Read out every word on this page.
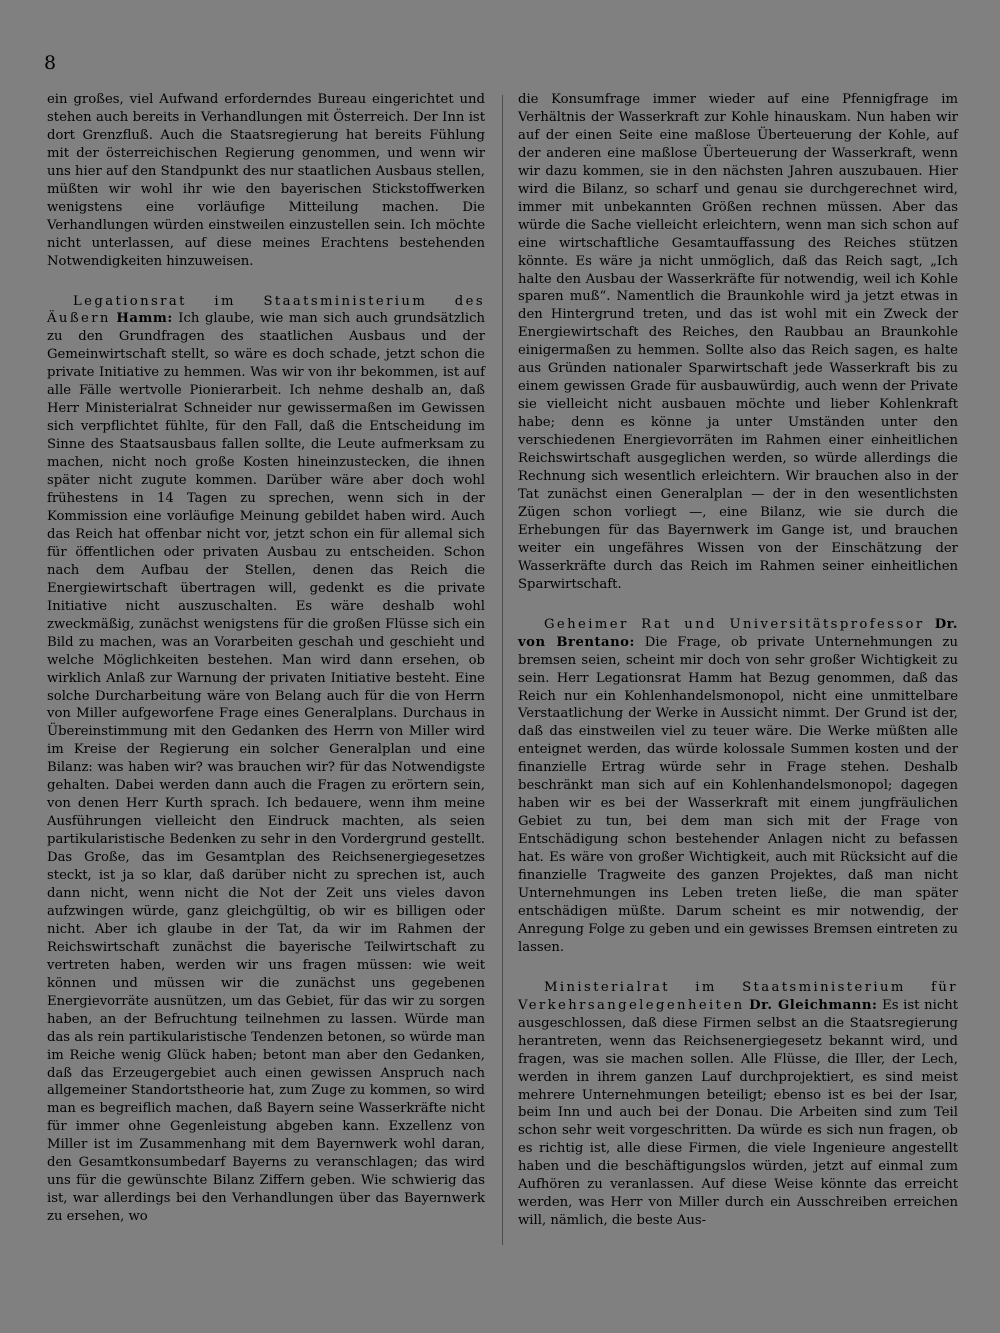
8

ein großes, viel Aufwand erforderndes Bureau eingerichtet und stehen auch bereits in Verhandlungen mit Österreich. Der Inn ist dort Grenzfluß. Auch die Staatsregierung hat bereits Fühlung mit der österreichischen Regierung genommen, und wenn wir uns hier auf den Standpunkt des nur staatlichen Ausbaus stellen, müßten wir wohl ihr wie den bayerischen Stickstoffwerken wenigstens eine vorläufige Mitteilung machen. Die Verhandlungen würden einstweilen einzustellen sein. Ich möchte nicht unterlassen, auf diese meines Erachtens bestehenden Notwendigkeiten hinzuweisen.

Legationsrat im Staatsministerium des Äußern Hamm: Ich glaube, wie man sich auch grundsätzlich zu den Grundfragen des staatlichen Ausbaus und der Gemeinwirtschaft stellt, so wäre es doch schade, jetzt schon die private Initiative zu hemmen. Was wir von ihr bekommen, ist auf alle Fälle wertvolle Pionierarbeit. Ich nehme deshalb an, daß Herr Ministerialrat Schneider nur gewissermaßen im Gewissen sich verpflichtet fühlte, für den Fall, daß die Entscheidung im Sinne des Staatsausbaus fallen sollte, die Leute aufmerksam zu machen, nicht noch große Kosten hineinzustecken, die ihnen später nicht zugute kommen. Darüber wäre aber doch wohl frühestens in 14 Tagen zu sprechen, wenn sich in der Kommission eine vorläufige Meinung gebildet haben wird. Auch das Reich hat offenbar nicht vor, jetzt schon ein für allemal sich für öffentlichen oder privaten Ausbau zu entscheiden. Schon nach dem Aufbau der Stellen, denen das Reich die Energiewirtschaft übertragen will, gedenkt es die private Initiative nicht auszuschalten. Es wäre deshalb wohl zweckmäßig, zunächst wenigstens für die großen Flüsse sich ein Bild zu machen, was an Vorarbeiten geschah und geschieht und welche Möglichkeiten bestehen. Man wird dann ersehen, ob wirklich Anlaß zur Warnung der privaten Initiative besteht. Eine solche Durcharbeitung wäre von Belang auch für die von Herrn von Miller aufgeworfene Frage eines Generalplans. Durchaus in Übereinstimmung mit den Gedanken des Herrn von Miller wird im Kreise der Regierung ein solcher Generalplan und eine Bilanz: was haben wir? was brauchen wir? für das Notwendigste gehalten. Dabei werden dann auch die Fragen zu erörtern sein, von denen Herr Kurth sprach. Ich bedauere, wenn ihm meine Ausführungen vielleicht den Eindruck machten, als seien partikularistische Bedenken zu sehr in den Vordergrund gestellt. Das Große, das im Gesamtplan des Reichsenergiegesetzes steckt, ist ja so klar, daß darüber nicht zu sprechen ist, auch dann nicht, wenn nicht die Not der Zeit uns vieles davon aufzwingen würde, ganz gleichgültig, ob wir es billigen oder nicht. Aber ich glaube in der Tat, da wir im Rahmen der Reichswirtschaft zunächst die bayerische Teilwirtschaft zu vertreten haben, werden wir uns fragen müssen: wie weit können und müssen wir die zunächst uns gegebenen Energievorräte ausnützen, um das Gebiet, für das wir zu sorgen haben, an der Befruchtung teilnehmen zu lassen. Würde man das als rein partikularistische Tendenzen betonen, so würde man im Reiche wenig Glück haben; betont man aber den Gedanken, daß das Erzeugergebiet auch einen gewissen Anspruch nach allgemeiner Standortstheorie hat, zum Zuge zu kommen, so wird man es begreiflich machen, daß Bayern seine Wasserkräfte nicht für immer ohne Gegenleistung abgeben kann. Exzellenz von Miller ist im Zusammenhang mit dem Bayernwerk wohl daran, den Gesamtkonsumbedarf Bayerns zu veranschlagen; das wird uns für die gewünschte Bilanz Ziffern geben. Wie schwierig das ist, war allerdings bei den Verhandlungen über das Bayernwerk zu ersehen, wo

die Konsumfrage immer wieder auf eine Pfennigfrage im Verhältnis der Wasserkraft zur Kohle hinauskam. Nun haben wir auf der einen Seite eine maßlose Überteuerung der Kohle, auf der anderen eine maßlose Überteuerung der Wasserkraft, wenn wir dazu kommen, sie in den nächsten Jahren auszubauen. Hier wird die Bilanz, so scharf und genau sie durchgerechnet wird, immer mit unbekannten Größen rechnen müssen. Aber das würde die Sache vielleicht erleichtern, wenn man sich schon auf eine wirtschaftliche Gesamtauffassung des Reiches stützen könnte. Es wäre ja nicht unmöglich, daß das Reich sagt, „Ich halte den Ausbau der Wasserkräfte für notwendig, weil ich Kohle sparen muß“. Namentlich die Braunkohle wird ja jetzt etwas in den Hintergrund treten, und das ist wohl mit ein Zweck der Energiewirtschaft des Reiches, den Raubbau an Braunkohle einigermaßen zu hemmen. Sollte also das Reich sagen, es halte aus Gründen nationaler Sparwirtschaft jede Wasserkraft bis zu einem gewissen Grade für ausbauwürdig, auch wenn der Private sie vielleicht nicht ausbauen möchte und lieber Kohlenkraft habe; denn es könne ja unter Umständen unter den verschiedenen Energievorräten im Rahmen einer einheitlichen Reichswirtschaft ausgeglichen werden, so würde allerdings die Rechnung sich wesentlich erleichtern. Wir brauchen also in der Tat zunächst einen Generalplan — der in den wesentlichsten Zügen schon vorliegt —, eine Bilanz, wie sie durch die Erhebungen für das Bayernwerk im Gange ist, und brauchen weiter ein ungefähres Wissen von der Einschätzung der Wasserkräfte durch das Reich im Rahmen seiner einheitlichen Sparwirtschaft.

Geheimer Rat und Universitätsprofessor Dr. von Brentano: Die Frage, ob private Unternehmungen zu bremsen seien, scheint mir doch von sehr großer Wichtigkeit zu sein. Herr Legationsrat Hamm hat Bezug genommen, daß das Reich nur ein Kohlenhandelsmonopol, nicht eine unmittelbare Verstaatlichung der Werke in Aussicht nimmt. Der Grund ist der, daß das einstweilen viel zu teuer wäre. Die Werke müßten alle enteignet werden, das würde kolossale Summen kosten und der finanzielle Ertrag würde sehr in Frage stehen. Deshalb beschränkt man sich auf ein Kohlenhandelsmonopol; dagegen haben wir es bei der Wasserkraft mit einem jungfräulichen Gebiet zu tun, bei dem man sich mit der Frage von Entschädigung schon bestehender Anlagen nicht zu befassen hat. Es wäre von großer Wichtigkeit, auch mit Rücksicht auf die finanzielle Tragweite des ganzen Projektes, daß man nicht Unternehmungen ins Leben treten ließe, die man später entschädigen müßte. Darum scheint es mir notwendig, der Anregung Folge zu geben und ein gewisses Bremsen eintreten zu lassen.

Ministerialrat im Staatsministerium für Verkehrsangelegenheiten Dr. Gleichmann: Es ist nicht ausgeschlossen, daß diese Firmen selbst an die Staatsregierung herantreten, wenn das Reichsenergiegesetz bekannt wird, und fragen, was sie machen sollen. Alle Flüsse, die Iller, der Lech, werden in ihrem ganzen Lauf durchprojektiert, es sind meist mehrere Unternehmungen beteiligt; ebenso ist es bei der Isar, beim Inn und auch bei der Donau. Die Arbeiten sind zum Teil schon sehr weit vorgeschritten. Da würde es sich nun fragen, ob es richtig ist, alle diese Firmen, die viele Ingenieure angestellt haben und die beschäftigungslos würden, jetzt auf einmal zum Aufhören zu veranlassen. Auf diese Weise könnte das erreicht werden, was Herr von Miller durch ein Ausschreiben erreichen will, nämlich, die beste Aus-
